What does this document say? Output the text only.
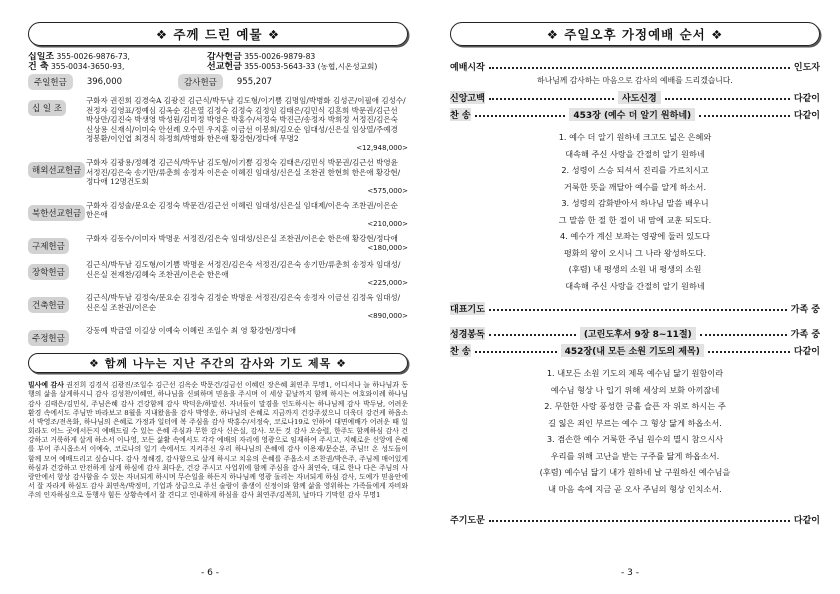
❖ 주께 드린 예물 ❖
십일조 355-0026-9876-73,	감사헌금 355-0026-9879-83
건 축 355-0034-3650-93,	선교헌금 355-0053-5643-33 (농협,시온성교회)
주일헌금	396,000	감사헌금	955,207
십 일 조
구화자 권진희 김경숙A 김광진 김근식/박두남 김도형/이기쁨 김명임/박병화 김성곤/이필애 김성수/전정자 김영표/정예심 김옥순 김은열 김정숙 김정숙 김정임 김태은/김민식 김흔희 박문권/김근선 박상만/김진숙 박생영 박성원/김미정 박영은 박홍수/서정숙 박진근/송정자 박희정 서정진/김은숙 신상용 신재식/이미숙 안선례 오수민 우지훈 이금선 이봉희/김오순 임대성/신은실 임상열/주예경 정봉환/이인엽 최경식 하정희/박병화 한은애 황강현/정다애 무명2
<12,948,000>
해외선교헌금
구화자 김광용/정혜경 김근식/박두남 김도형/이기쁨 김정숙 김태은/김민식 박문권/김근선 박영윤 서정진/김은숙 송기만/류춘희 송정자 이은순 이혜진 임대성/신은실 조찬권 한현희 한은애 황강현/정다애 12명건도회
<575,000>
북한선교헌금
구화자 김성술/문요순 김정숙 박문건/김근선 이혜린 임대성/신은실 임대제/이은숙 조찬권/이은순 한은애
<210,000>
구제헌금
구화자 김동수/이미자 박명운 서정진/김은숙 임대성/신은실 조찬권/이은순 한은애 황강현/정다애
<180,000>
장학헌금
김근식/박두남 김도형/이기쁨 박명운 서정진/김은숙 서정진/김은숙 송기만/류춘희 송정자 임대성/신은실 전재찬/김혜숙 조찬권/이은순 한은애
<225,000>
건축헌금
김근식/박두남 김정숙/문요순 김정숙 김정순 박명운 서정진/김은숙 송정자 이금선 김정옥 임대성/신은실 조찬권/이은순
<890,000>
주정헌금
강동예 박금열 이길상 이예숙 이혜린 조일수 최 영 황강현/정다애
❖ 함께 나누는 지난 주간의 감사와 기도 제목 ❖
빌사예 감사 권진희 김경석 김광진/조일수 김근선 김옥순 박문건/김금선 이혜린 장은혜 최연주 무명1, 어디서나 늘 하나님과 동행의 삶을 살게하시니 감사 김성찬/이혜연, 하나님을 신뢰하며 믿음을 주시며 이 세상 끝날까지 함께 하시는 여호와이례 하나님 감사 김태은/김민식, 주님은혜 감사 건강함께 감사 박덕운/하말선. 자녀들이 말겸을 인도하시는 하나님께 감사 박두남, 어려운 환경 속에서도 주님만 바라보고 8월을 지내왔음을 감사 박영운, 하나님의 은혜로 지금까지 건강주셨으니 더욱더 강건케 하옵소서 박영조/전옥화, 하나님의 은혜로 가정과 일터에 복 주심을 감사 박홍수/서정숙, 코로나19로 인하여 대면예배가 어려운 때 일회라도 어느 곳에서든지 예배드릴 수 있는 은혜 주심과 무한 감사 신은실, 감사. 모든 것 감사 오승렬, 한주도 함께하심 감사 건강하고 거룩하게 살게 하소서 이나영, 모든 삶활 속에서도 각각 예배의 자리에 영광으로 임재하여 주시고, 지혜로운 신앙에 은혜를 부어 주시옵소서 이예숙, 코로나의 일기 속에서도 지켜주신 우리 하나님의 은혜에 감사 이용재/문순분, 주님!! 온 성도들이 함께 모여 예배드리고 싶습니다. 감사 정해경, 감사함으로 살게 하시고 치유의 은혜를 주옵소서 조찬권/박은주, 주님께 매어있게 하심과 건강하고 안전하게 살게 하심에 감사 최다운, 건강 주시고 사업위에 함께 주심을 감사 최연숙, 대로 한나 다은 주님의 사랑안에서 항상 감사함을 수 있는 자녀되게 하시며 무슨일을 하든지 하나님께 영광 돌리는 자녀되게 하심 감사, 도예가 믿음안에서 잘 자라게 하심도 감사 최연옥/박정미, 기업과 상급으로 주신 술람이 출생이 신정이와 함께 삶을 영위하는 가족들에게 자비와 주의 인자하심으로 동행사 힘든 상황속에서 잘 견디고 인내하게 하심을 감사 최연주/김복희, 날마다 기막힌 감사 무명1
- 6 -
❖ 주일오후 가정예배 순서 ❖
예배시작	인도자
하나님께 감사하는 마음으로 감사의 예배를 드리겠습니다.
신앙고백	사도신경	다같이
찬 송	453장 (예수 더 알기 원하네)	다같이
1. 예수 더 알기 원하네 크고도 넓은 은혜와
대속해 주신 사랑을 간절히 알기 원하네
2. 성령이 스승 되셔서 진리를 가르치시고
거룩한 뜻을 깨달아 예수를 알게 하소서.
3. 성령의 감화받아서 하나님 말씀 배우니
그 말씀 한 절 한 절이 내 맘에 교훈 되도다.
4. 예수가 계신 보좌는 영광에 둘러 있도다
평화의 왕이 오시니 그 나라 왕성하도다.
(후렴) 내 평생의 소원 내 평생의 소원
대속해 주신 사랑을 간절히 알기 원하네
대표기도	가족 중
성경봉독	(고린도후서 9장 8~11절)	가족 중
찬 송	452장(내 모든 소원 기도의 제목)	다같이
1. 내모든 소원 기도의 제목 예수님 닮기 원함이라
예수님 형상 나 입기 위해 세상의 보화 아끼잖네
2. 무한한 사랑 풍성한 긍휼 슬픈 자 위로 하시는 주
길 잃은 죄인 부르는 예수 그 형상 닮게 하옵소서.
3. 겸손한 예수 거룩한 주님 원수의 멸시 참으시사
우리를 위해 고난을 받는 구주를 닮게 하옵소서.
(후렴) 예수님 닮기 내가 원하네 날 구원하신 예수님을
내 마음 속에 지금 곧 오사 주님의 형상 인치소서.
주기도문	다같이
- 3 -
